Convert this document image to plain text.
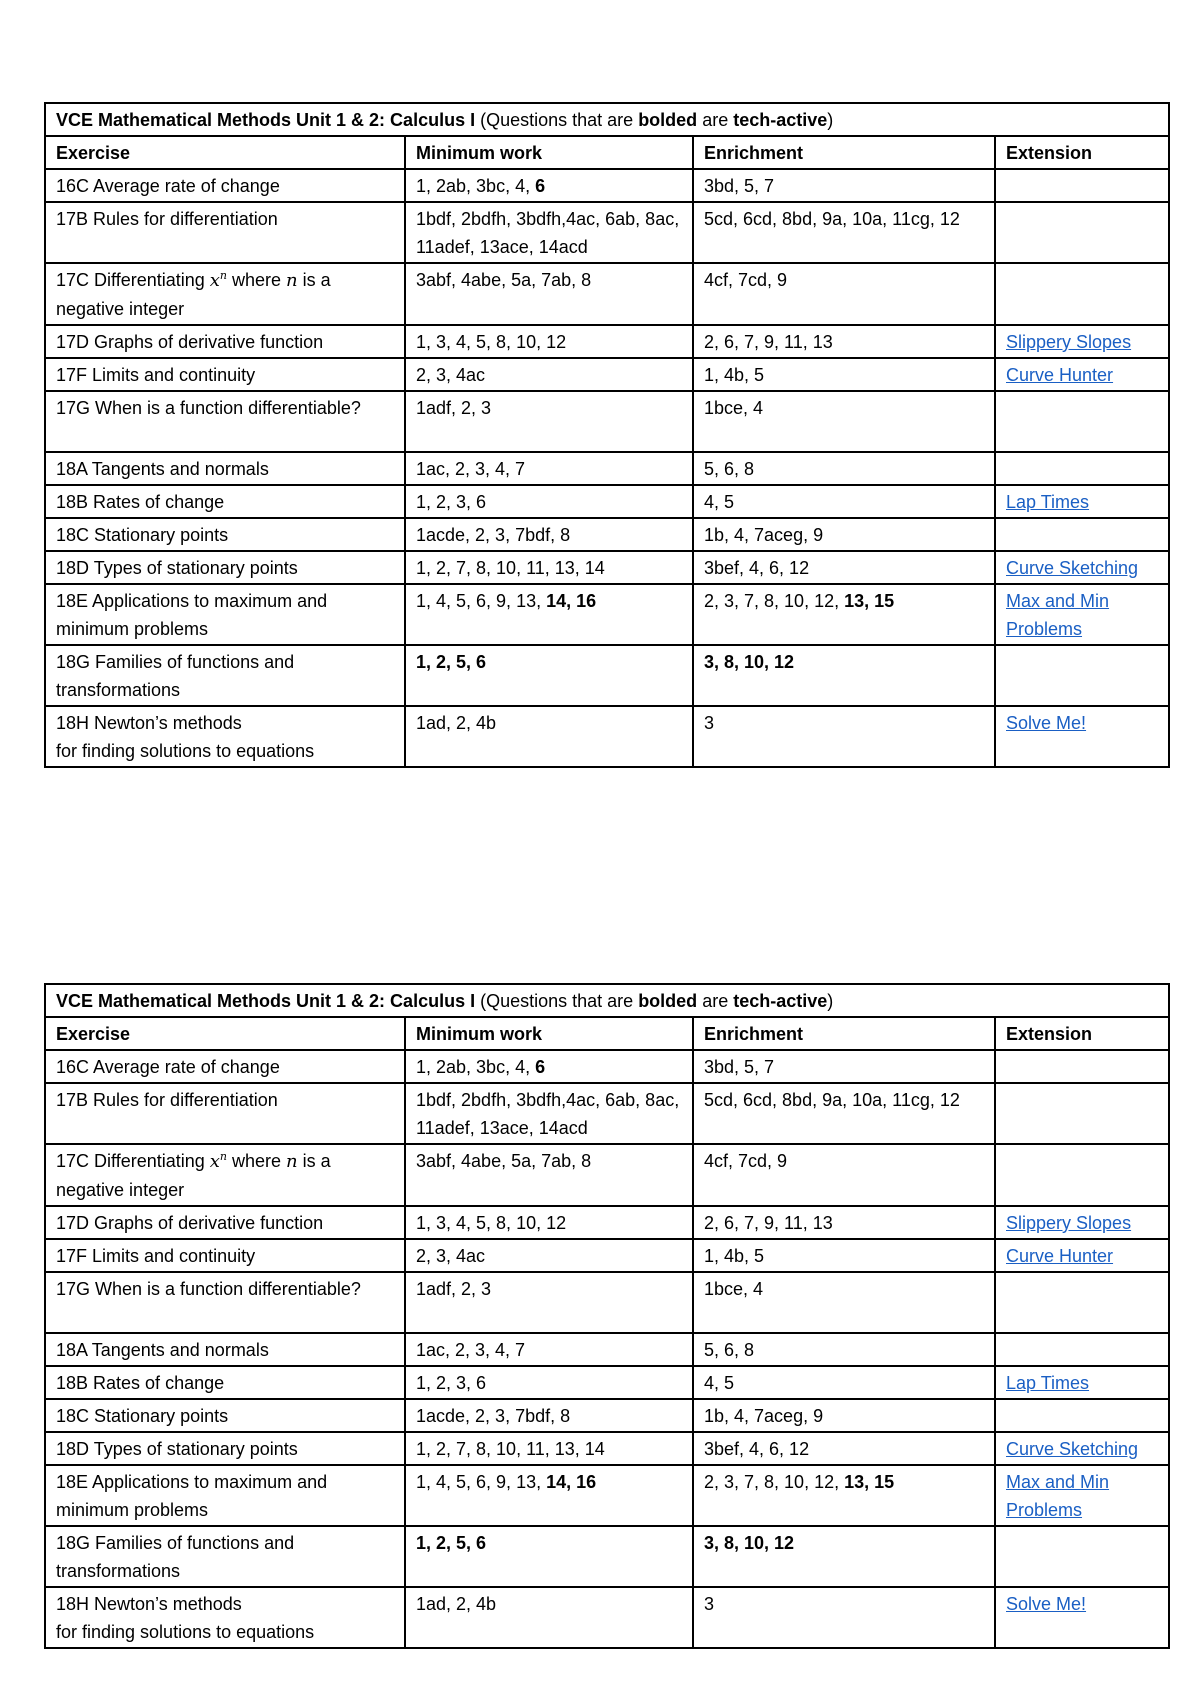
VCE Mathematical Methods Unit 1 & 2: Calculus I (Questions that are bolded are tech-active)			
Exercise	Minimum work	Enrichment	Extension
16C Average rate of change	1, 2ab, 3bc, 4, 6	3bd, 5, 7	
17B Rules for differentiation	1bdf, 2bdfh, 3bdfh,4ac, 6ab, 8ac, 11adef, 13ace, 14acd	5cd, 6cd, 8bd, 9a, 10a, 11cg, 12	
17C Differentiating $x^n$ where n is a negative integer	3abf, 4abe, 5a, 7ab, 8	4cf, 7cd, 9	
17D Graphs of derivative function	1, 3, 4, 5, 8, 10, 12	2, 6, 7, 9, 11, 13	Slippery Slopes
17F Limits and continuity	2, 3, 4ac	1, 4b, 5	Curve Hunter
17G When is a function differentiable?	1adf, 2, 3	1bce, 4	
18A Tangents and normals	1ac, 2, 3, 4, 7	5, 6, 8	
18B Rates of change	1, 2, 3, 6	4, 5	Lap Times
18C Stationary points	1acde, 2, 3, 7bdf, 8	1b, 4, 7aceg, 9	
18D Types of stationary points	1, 2, 7, 8, 10, 11, 13, 14	3bef, 4, 6, 12	Curve Sketching
18E Applications to maximum and minimum problems	1, 4, 5, 6, 9, 13, 14, 16	2, 3, 7, 8, 10, 12, 13, 15	Max and Min Problems
18G Families of functions and transformations	1, 2, 5, 6	3, 8, 10, 12	
18H Newton’s methods
for finding solutions to equations	1ad, 2, 4b	3	Solve Me!
VCE Mathematical Methods Unit 1 & 2: Calculus I (Questions that are bolded are tech-active)			
Exercise	Minimum work	Enrichment	Extension
16C Average rate of change	1, 2ab, 3bc, 4, 6	3bd, 5, 7	
17B Rules for differentiation	1bdf, 2bdfh, 3bdfh,4ac, 6ab, 8ac, 11adef, 13ace, 14acd	5cd, 6cd, 8bd, 9a, 10a, 11cg, 12	
17C Differentiating $x^n$ where n is a negative integer	3abf, 4abe, 5a, 7ab, 8	4cf, 7cd, 9	
17D Graphs of derivative function	1, 3, 4, 5, 8, 10, 12	2, 6, 7, 9, 11, 13	Slippery Slopes
17F Limits and continuity	2, 3, 4ac	1, 4b, 5	Curve Hunter
17G When is a function differentiable?	1adf, 2, 3	1bce, 4	
18A Tangents and normals	1ac, 2, 3, 4, 7	5, 6, 8	
18B Rates of change	1, 2, 3, 6	4, 5	Lap Times
18C Stationary points	1acde, 2, 3, 7bdf, 8	1b, 4, 7aceg, 9	
18D Types of stationary points	1, 2, 7, 8, 10, 11, 13, 14	3bef, 4, 6, 12	Curve Sketching
18E Applications to maximum and minimum problems	1, 4, 5, 6, 9, 13, 14, 16	2, 3, 7, 8, 10, 12, 13, 15	Max and Min Problems
18G Families of functions and transformations	1, 2, 5, 6	3, 8, 10, 12	
18H Newton’s methods
for finding solutions to equations	1ad, 2, 4b	3	Solve Me!
